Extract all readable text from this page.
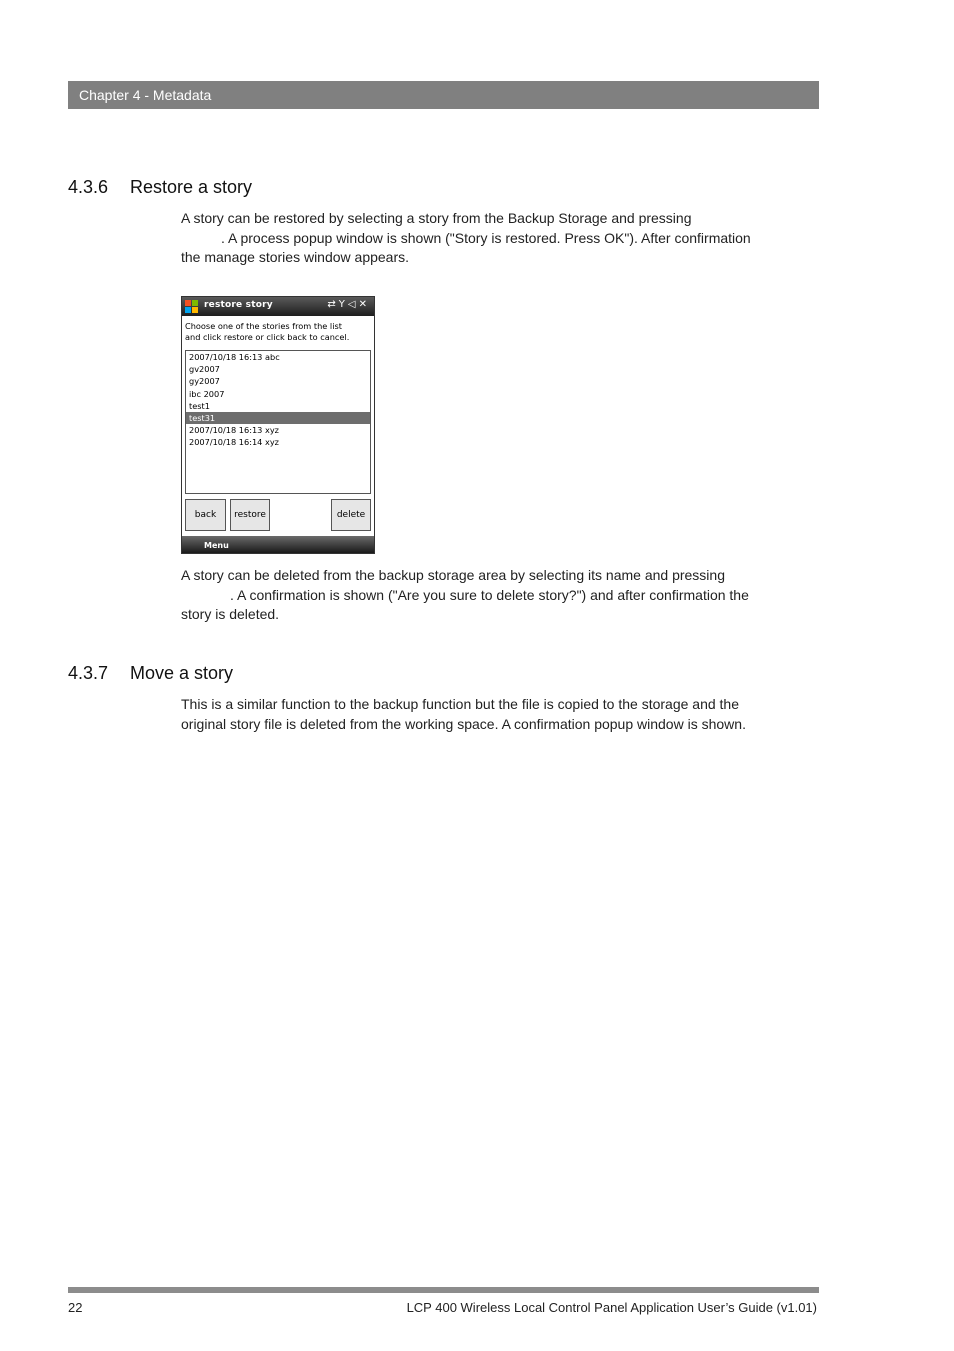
Chapter 4 - Metadata
4.3.6 Restore a story

A story can be restored by selecting a story from the Backup Storage and pressing
. A process popup window is shown ("Story is restored. Press OK"). After confirmation
the manage stories window appears.

restore story	⇄Y◁✕
Choose one of the stories from the list
and click restore or click back to cancel.
2007/10/18 16:13 abc
gv2007
gy2007
ibc 2007
test1
test31
2007/10/18 16:13 xyz
2007/10/18 16:14 xyz
back	restore	delete
Menu

A story can be deleted from the backup storage area by selecting its name and pressing
. A confirmation is shown ("Are you sure to delete story?") and after confirmation the
story is deleted.

4.3.7 Move a story

This is a similar function to the backup function but the file is copied to the storage and the
original story file is deleted from the working space. A confirmation popup window is shown.

22	LCP 400 Wireless Local Control Panel Application User’s Guide (v1.01)
